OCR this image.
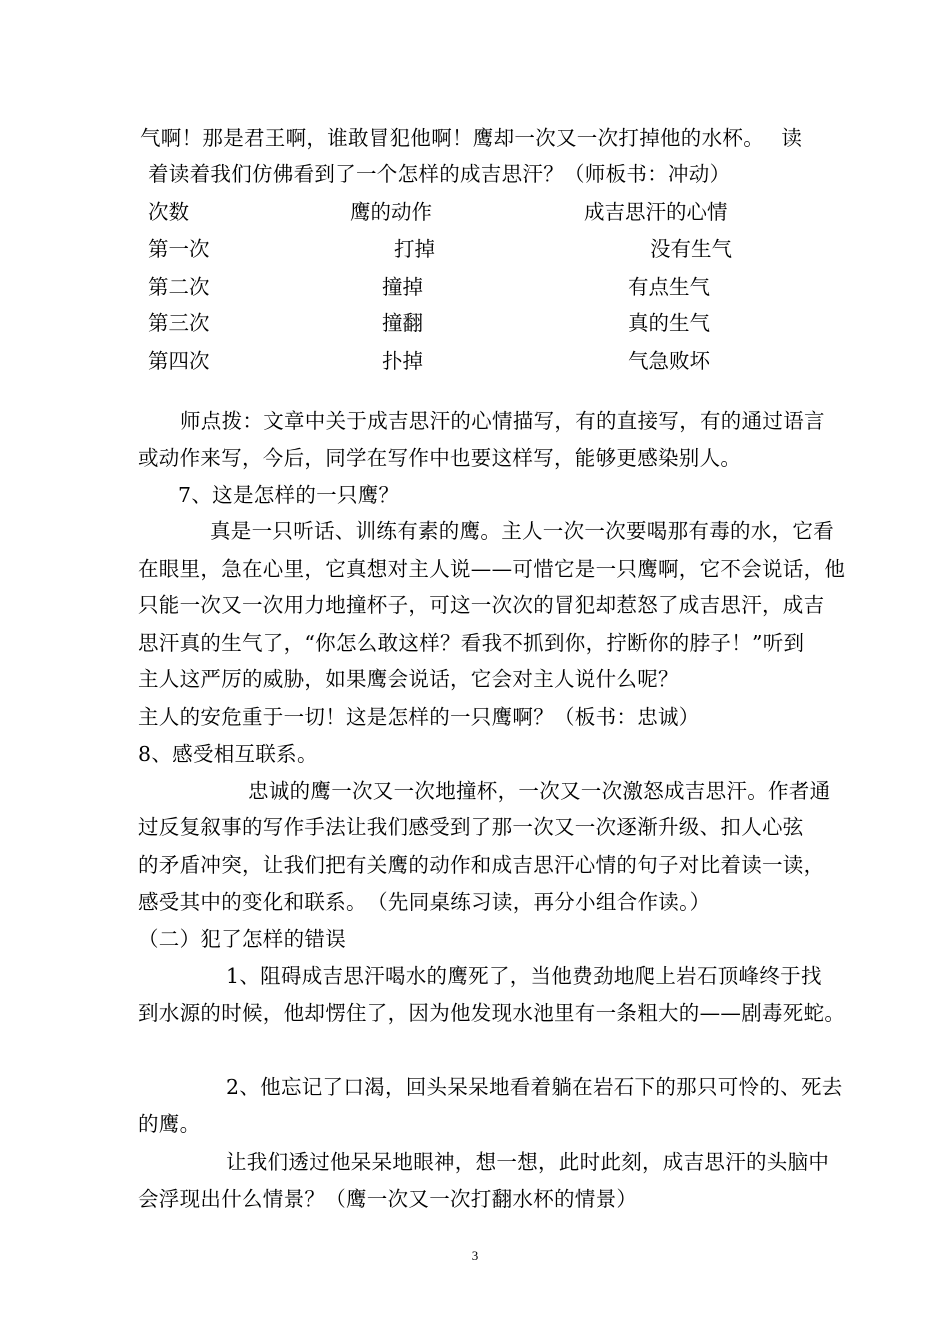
气啊！那是君王啊，谁敢冒犯他啊！鹰却一次又一次打掉他的水杯。　 读
着读着我们仿佛看到了一个怎样的成吉思汗？（师板书：冲动）
次数	鹰的动作	成吉思汗的心情
第一次	打掉	没有生气
第二次	撞掉	有点生气
第三次	撞翻	真的生气
第四次	扑掉	气急败坏
师点拨：文章中关于成吉思汗的心情描写，有的直接写，有的通过语言
或动作来写，今后，同学在写作中也要这样写，能够更感染别人。
7、这是怎样的一只鹰？
真是一只听话、训练有素的鹰。主人一次一次要喝那有毒的水，它看
在眼里，急在心里，它真想对主人说——可惜它是一只鹰啊，它不会说话，他
只能一次又一次用力地撞杯子，可这一次次的冒犯却惹怒了成吉思汗，成吉
思汗真的生气了，“你怎么敢这样？看我不抓到你，拧断你的脖子！”听到
主人这严厉的威胁，如果鹰会说话，它会对主人说什么呢？
主人的安危重于一切！这是怎样的一只鹰啊？（板书：忠诚）
8、感受相互联系。
忠诚的鹰一次又一次地撞杯，一次又一次激怒成吉思汗。作者通
过反复叙事的写作手法让我们感受到了那一次又一次逐渐升级、扣人心弦
的矛盾冲突，让我们把有关鹰的动作和成吉思汗心情的句子对比着读一读，
感受其中的变化和联系。　（先同桌练习读，再分小组合作读。）
（二）犯了怎样的错误
1、阻碍成吉思汗喝水的鹰死了，当他费劲地爬上岩石顶峰终于找
到水源的时候，他却愣住了，因为他发现水池里有一条粗大的——剧毒死蛇。
2、他忘记了口渴，回头呆呆地看着躺在岩石下的那只可怜的、死去
的鹰。
让我们透过他呆呆地眼神，想一想，此时此刻，成吉思汗的头脑中
会浮现出什么情景？（鹰一次又一次打翻水杯的情景）
3
